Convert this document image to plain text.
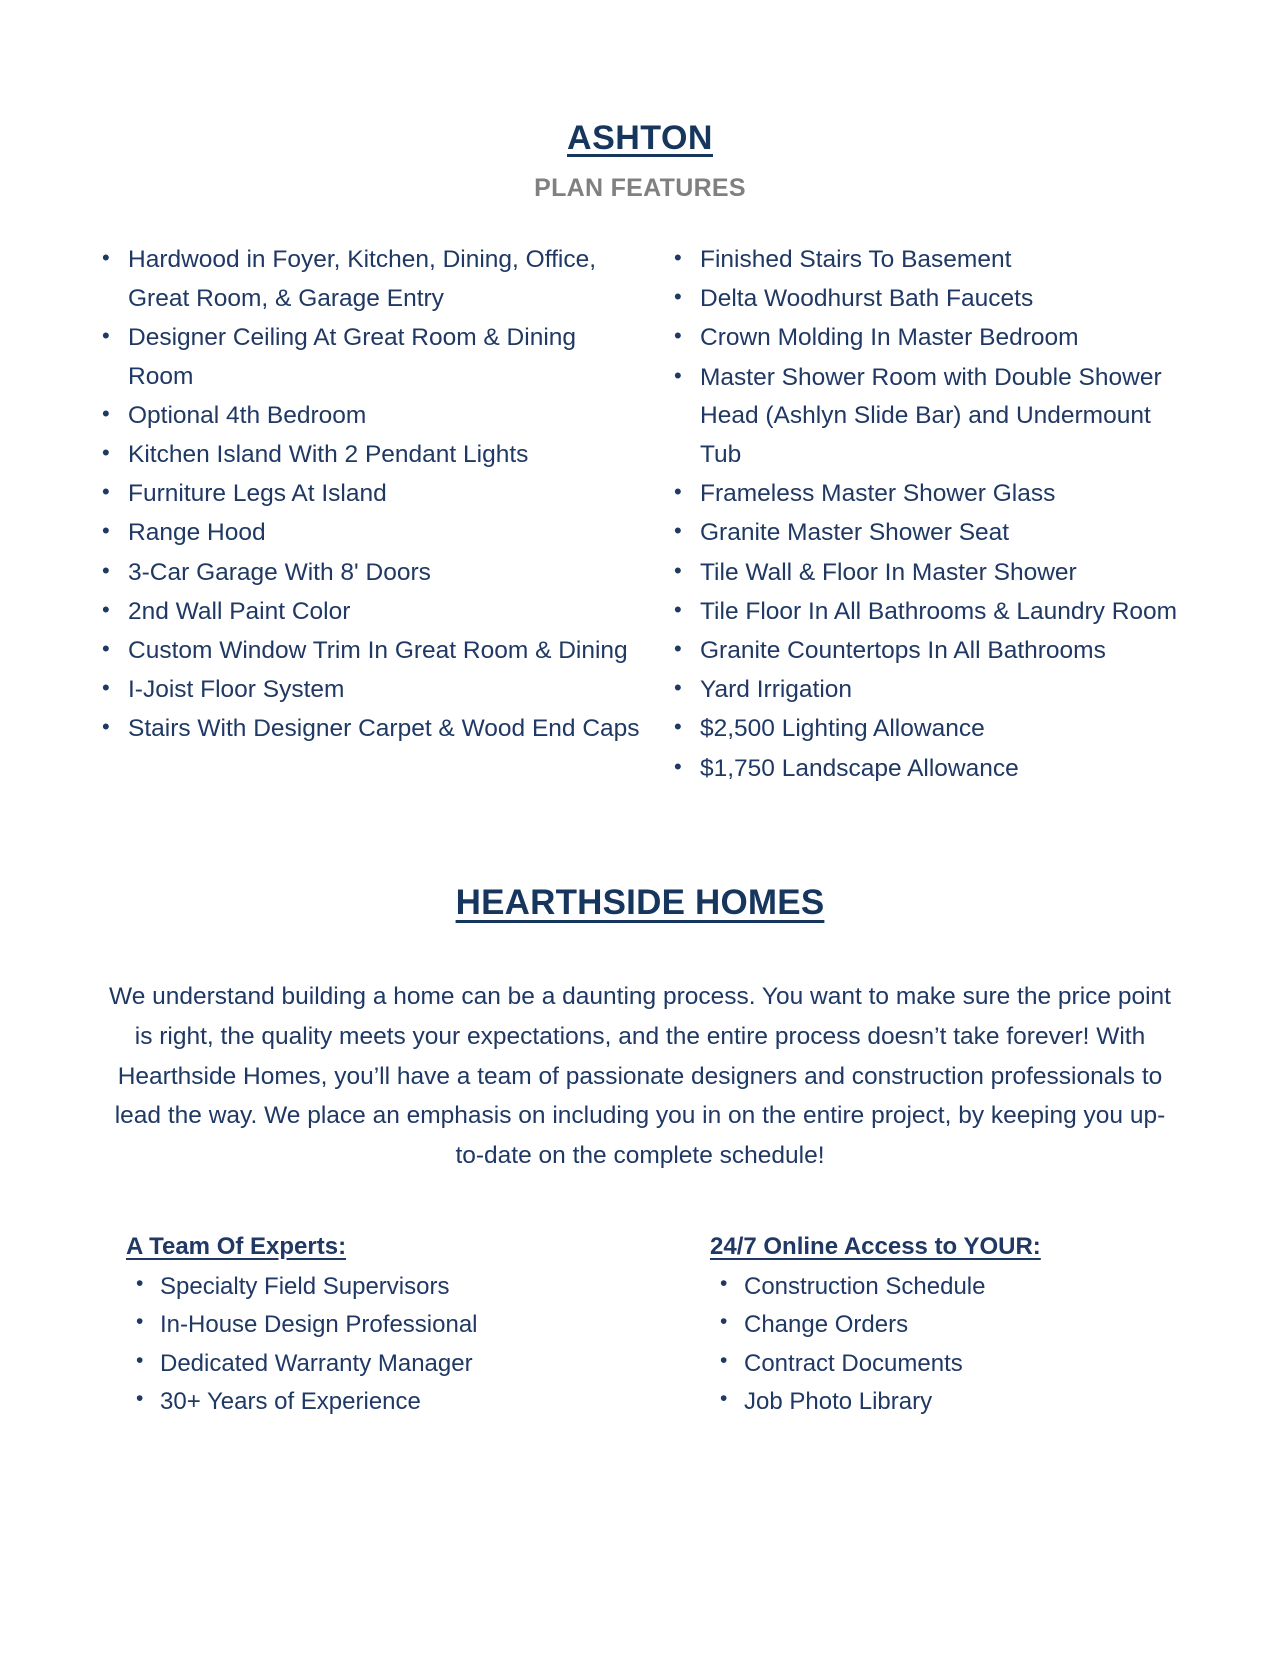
ASHTON
PLAN FEATURES
• Hardwood in Foyer, Kitchen, Dining, Office, Great Room, & Garage Entry
• Designer Ceiling At Great Room & Dining Room
• Optional 4th Bedroom
• Kitchen Island With 2 Pendant Lights
• Furniture Legs At Island
• Range Hood
• 3-Car Garage With 8' Doors
• 2nd Wall Paint Color
• Custom Window Trim In Great Room & Dining
• I-Joist Floor System
• Stairs With Designer Carpet & Wood End Caps
• Finished Stairs To Basement
• Delta Woodhurst Bath Faucets
• Crown Molding In Master Bedroom
• Master Shower Room with Double Shower Head (Ashlyn Slide Bar) and Undermount Tub
• Frameless Master Shower Glass
• Granite Master Shower Seat
• Tile Wall & Floor In Master Shower
• Tile Floor In All Bathrooms & Laundry Room
• Granite Countertops In All Bathrooms
• Yard Irrigation
• $2,500 Lighting Allowance
• $1,750 Landscape Allowance
HEARTHSIDE HOMES

We understand building a home can be a daunting process. You want to make sure the price point is right, the quality meets your expectations, and the entire process doesn’t take forever! With Hearthside Homes, you’ll have a team of passionate designers and construction professionals to lead the way. We place an emphasis on including you in on the entire project, by keeping you up-to-date on the complete schedule!

A Team Of Experts:
• Specialty Field Supervisors
• In-House Design Professional
• Dedicated Warranty Manager
• 30+ Years of Experience
24/7 Online Access to YOUR:
• Construction Schedule
• Change Orders
• Contract Documents
• Job Photo Library
